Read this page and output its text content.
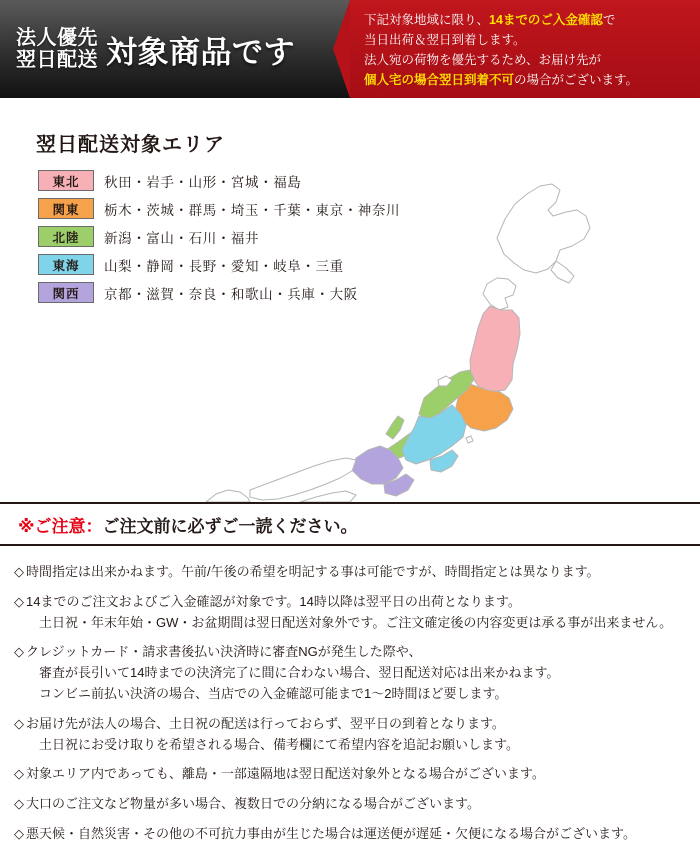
法人優先
翌日配送 対象商品です
下記対象地域に限り、14までのご入金確認で
当日出荷＆翌日到着します。
法人宛の荷物を優先するため、お届け先が
個人宅の場合翌日到着不可の場合がございます。
翌日配送対象エリア
東北	秋田・岩手・山形・宮城・福島
関東	栃木・茨城・群馬・埼玉・千葉・東京・神奈川
北陸	新潟・富山・石川・福井
東海	山梨・静岡・長野・愛知・岐阜・三重
関西	京都・滋賀・奈良・和歌山・兵庫・大阪
※ご注意： ご注文前に必ずご一読ください。
◇ 時間指定は出来かねます。午前/午後の希望を明記する事は可能ですが、時間指定とは異なります。
◇ 14までのご注文およびご入金確認が対象です。14時以降は翌平日の出荷となります。
土日祝・年末年始・GW・お盆期間は翌日配送対象外です。ご注文確定後の内容変更は承る事が出来ません。
◇ クレジットカード・請求書後払い決済時に審査NGが発生した際や、
審査が長引いて14時までの決済完了に間に合わない場合、翌日配送対応は出来かねます。
コンビニ前払い決済の場合、当店での入金確認可能まで1～2時間ほど要します。
◇ お届け先が法人の場合、土日祝の配送は行っておらず、翌平日の到着となります。
土日祝にお受け取りを希望される場合、備考欄にて希望内容を追記お願いします。
◇ 対象エリア内であっても、離島・一部遠隔地は翌日配送対象外となる場合がございます。
◇ 大口のご注文など物量が多い場合、複数日での分納になる場合がございます。
◇ 悪天候・自然災害・その他の不可抗力事由が生じた場合は運送便が遅延・欠便になる場合がございます。
